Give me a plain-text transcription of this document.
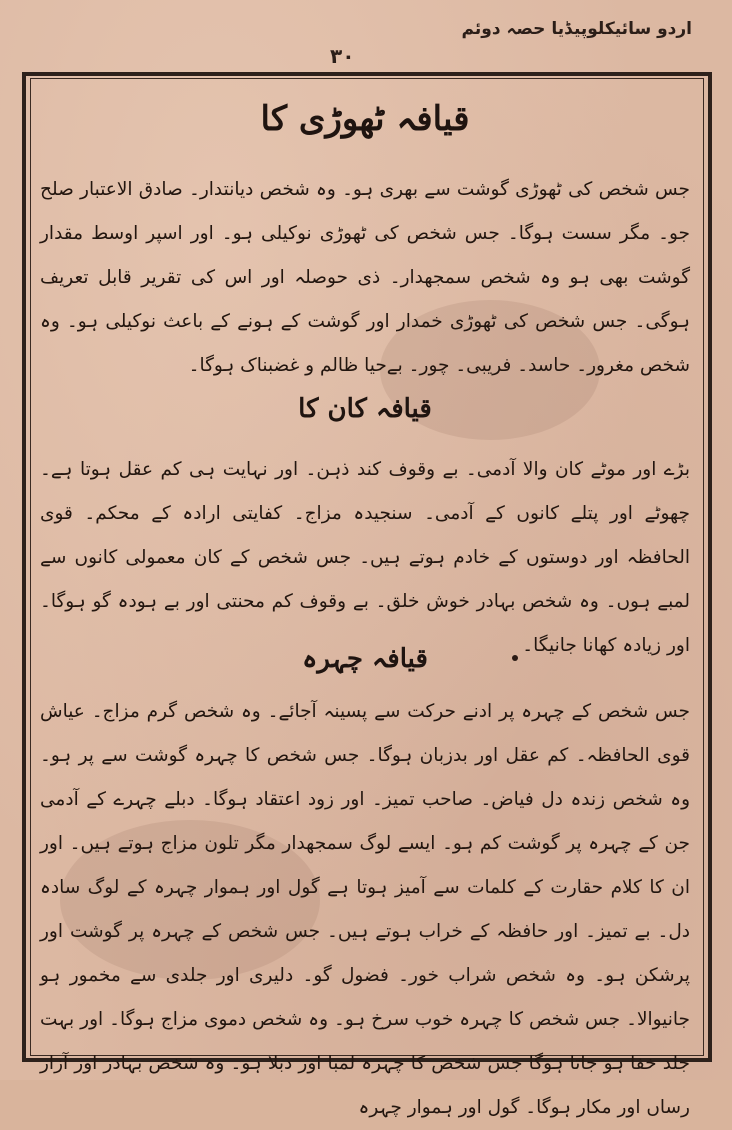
اردو سائیکلوپیڈیا حصہ دوئم
۳۰
قیافہ ٹھوڑی کا
جس شخص کی ٹھوڑی گوشت سے بھری ہو۔ وہ شخص دیانتدار۔ صادق الاعتبار صلح جو۔ مگر سست ہوگا۔ جس شخص کی ٹھوڑی نوکیلی ہو۔ اور اسپر اوسط مقدار گوشت بھی ہو وہ شخص سمجھدار۔ ذی حوصلہ اور اس کی تقریر قابل تعریف ہوگی۔ جس شخص کی ٹھوڑی خمدار اور گوشت کے ہونے کے باعث نوکیلی ہو۔ وہ شخص مغرور۔ حاسد۔ فریبی۔ چور۔ بےحیا ظالم و غضبناک ہوگا۔
قیافہ کان کا
بڑے اور موٹے کان والا آدمی۔ بے وقوف کند ذہن۔ اور نہایت ہی کم عقل ہوتا ہے۔ چھوٹے اور پتلے کانوں کے آدمی۔ سنجیدہ مزاج۔ کفایتی ارادہ کے محکم۔ قوی الحافظہ اور دوستوں کے خادم ہوتے ہیں۔ جس شخص کے کان معمولی کانوں سے لمبے ہوں۔ وہ شخص بہادر خوش خلق۔ بے وقوف کم محنتی اور بے ہودہ گو ہوگا۔ اور زیادہ کھانا جانیگا۔
قیافہ چہرہ
جس شخص کے چہرہ پر ادنے حرکت سے پسینہ آجائے۔ وہ شخص گرم مزاج۔ عیاش قوی الحافظہ۔ کم عقل اور بدزبان ہوگا۔ جس شخص کا چہرہ گوشت سے پر ہو۔ وہ شخص زندہ دل فیاض۔ صاحب تمیز۔ اور زود اعتقاد ہوگا۔ دبلے چہرے کے آدمی جن کے چہرہ پر گوشت کم ہو۔ ایسے لوگ سمجھدار مگر تلون مزاج ہوتے ہیں۔ اور ان کا کلام حقارت کے کلمات سے آمیز ہوتا ہے گول اور ہموار چہرہ کے لوگ سادہ دل۔ بے تمیز۔ اور حافظہ کے خراب ہوتے ہیں۔ جس شخص کے چہرہ پر گوشت اور پرشکن ہو۔ وہ شخص شراب خور۔ فضول گو۔ دلیری اور جلدی سے مخمور ہو جانیوالا۔ جس شخص کا چہرہ خوب سرخ ہو۔ وہ شخص دموی مزاج ہوگا۔ اور بہت جلد خفا ہو جاتا ہوگا جس شخص کا چہرہ لمبا اور دبلا ہو۔ وہ شخص بہادر اور آزار رساں اور مکار ہوگا۔ گول اور ہموار چہرہ
